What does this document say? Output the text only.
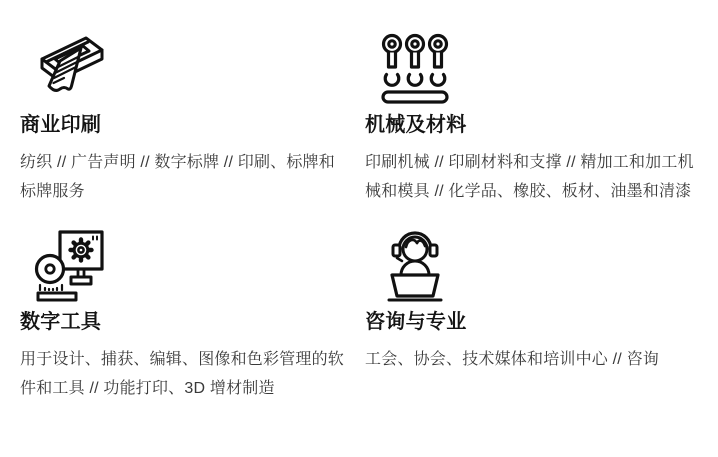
商业印刷

纺织 // 广告声明 // 数字标牌 // 印刷、标牌和标牌服务

机械及材料

印刷机械 // 印刷材料和支撑 // 精加工和加工机械和模具 // 化学品、橡胶、板材、油墨和清漆

数字工具

用于设计、捕获、编辑、图像和色彩管理的软件和工具 // 功能打印、3D 增材制造

咨询与专业

工会、协会、技术媒体和培训中心 // 咨询
